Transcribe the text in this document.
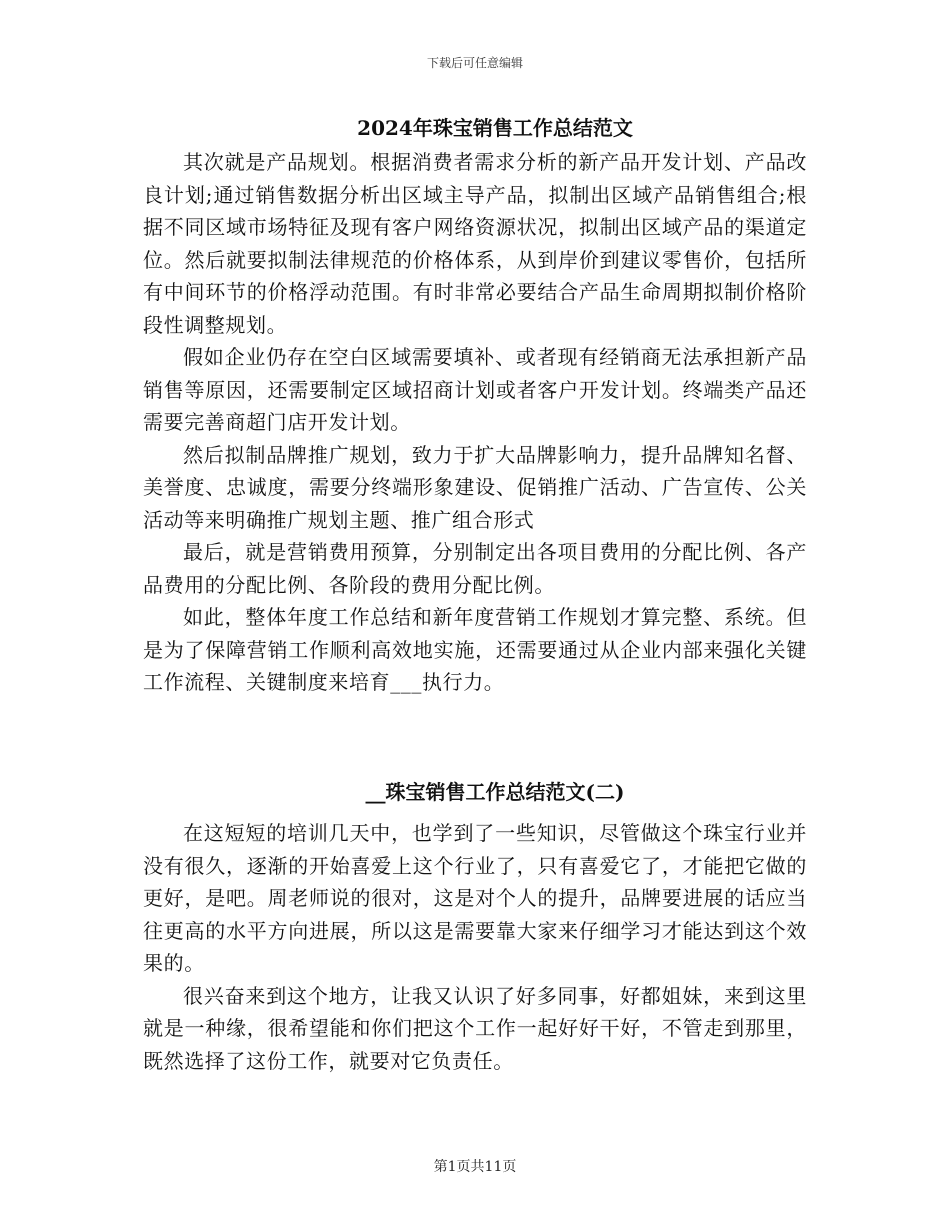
下载后可任意编辑
2024年珠宝销售工作总结范文

其次就是产品规划。根据消费者需求分析的新产品开发计划、产品改良计划;通过销售数据分析出区域主导产品，拟制出区域产品销售组合;根据不同区域市场特征及现有客户网络资源状况，拟制出区域产品的渠道定位。然后就要拟制法律规范的价格体系，从到岸价到建议零售价，包括所有中间环节的价格浮动范围。有时非常必要结合产品生命周期拟制价格阶段性调整规划。

假如企业仍存在空白区域需要填补、或者现有经销商无法承担新产品销售等原因，还需要制定区域招商计划或者客户开发计划。终端类产品还需要完善商超门店开发计划。

然后拟制品牌推广规划，致力于扩大品牌影响力，提升品牌知名督、美誉度、忠诚度，需要分终端形象建设、促销推广活动、广告宣传、公关活动等来明确推广规划主题、推广组合形式

最后，就是营销费用预算，分别制定出各项目费用的分配比例、各产品费用的分配比例、各阶段的费用分配比例。

如此，整体年度工作总结和新年度营销工作规划才算完整、系统。但是为了保障营销工作顺利高效地实施，还需要通过从企业内部来强化关键工作流程、关键制度来培育___执行力。

__珠宝销售工作总结范文(二)

在这短短的培训几天中，也学到了一些知识，尽管做这个珠宝行业并没有很久，逐渐的开始喜爱上这个行业了，只有喜爱它了，才能把它做的更好，是吧。周老师说的很对，这是对个人的提升，品牌要进展的话应当往更高的水平方向进展，所以这是需要靠大家来仔细学习才能达到这个效果的。

很兴奋来到这个地方，让我又认识了好多同事，好都姐妹，来到这里就是一种缘，很希望能和你们把这个工作一起好好干好，不管走到那里，既然选择了这份工作，就要对它负责任。

第1页共11页
